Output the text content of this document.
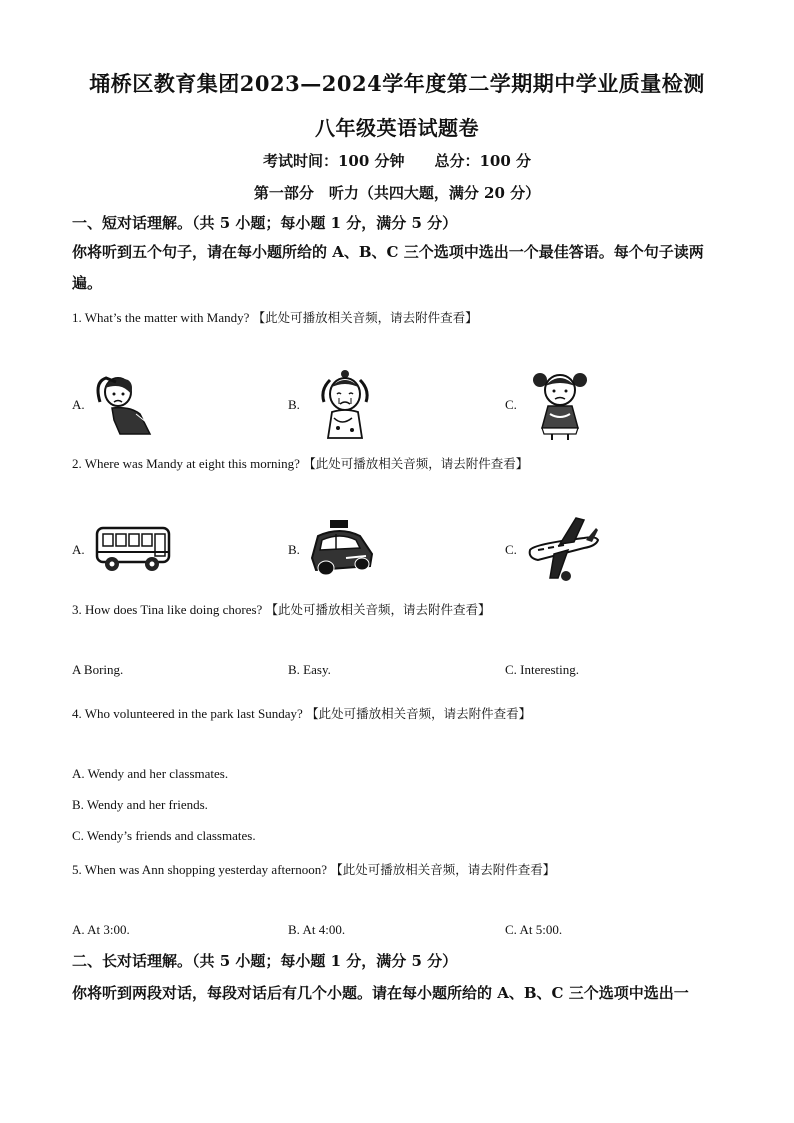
埇桥区教育集团2023—2024学年度第二学期期中学业质量检测
八年级英语试题卷
考试时间：100 分钟　　总分：100 分
第一部分　听力（共四大题，满分 20 分）
一、短对话理解。（共 5 小题；每小题 1 分，满分 5 分）
你将听到五个句子，请在每小题所给的 A、B、C 三个选项中选出一个最佳答语。每个句子读两遍。
1. What’s the matter with Mandy? 【此处可播放相关音频，请去附件查看】
A.	B.	C.
2. Where was Mandy at eight this morning? 【此处可播放相关音频，请去附件查看】
A.	B.	C.
3. How does Tina like doing chores? 【此处可播放相关音频，请去附件查看】
A Boring.	B. Easy.	C. Interesting.
4. Who volunteered in the park last Sunday? 【此处可播放相关音频，请去附件查看】
A. Wendy and her classmates.
B. Wendy and her friends.
C. Wendy’s friends and classmates.
5. When was Ann shopping yesterday afternoon? 【此处可播放相关音频，请去附件查看】
A. At 3:00.	B. At 4:00.	C. At 5:00.
二、长对话理解。（共 5 小题；每小题 1 分，满分 5 分）
你将听到两段对话，每段对话后有几个小题。请在每小题所给的 A、B、C 三个选项中选出一
